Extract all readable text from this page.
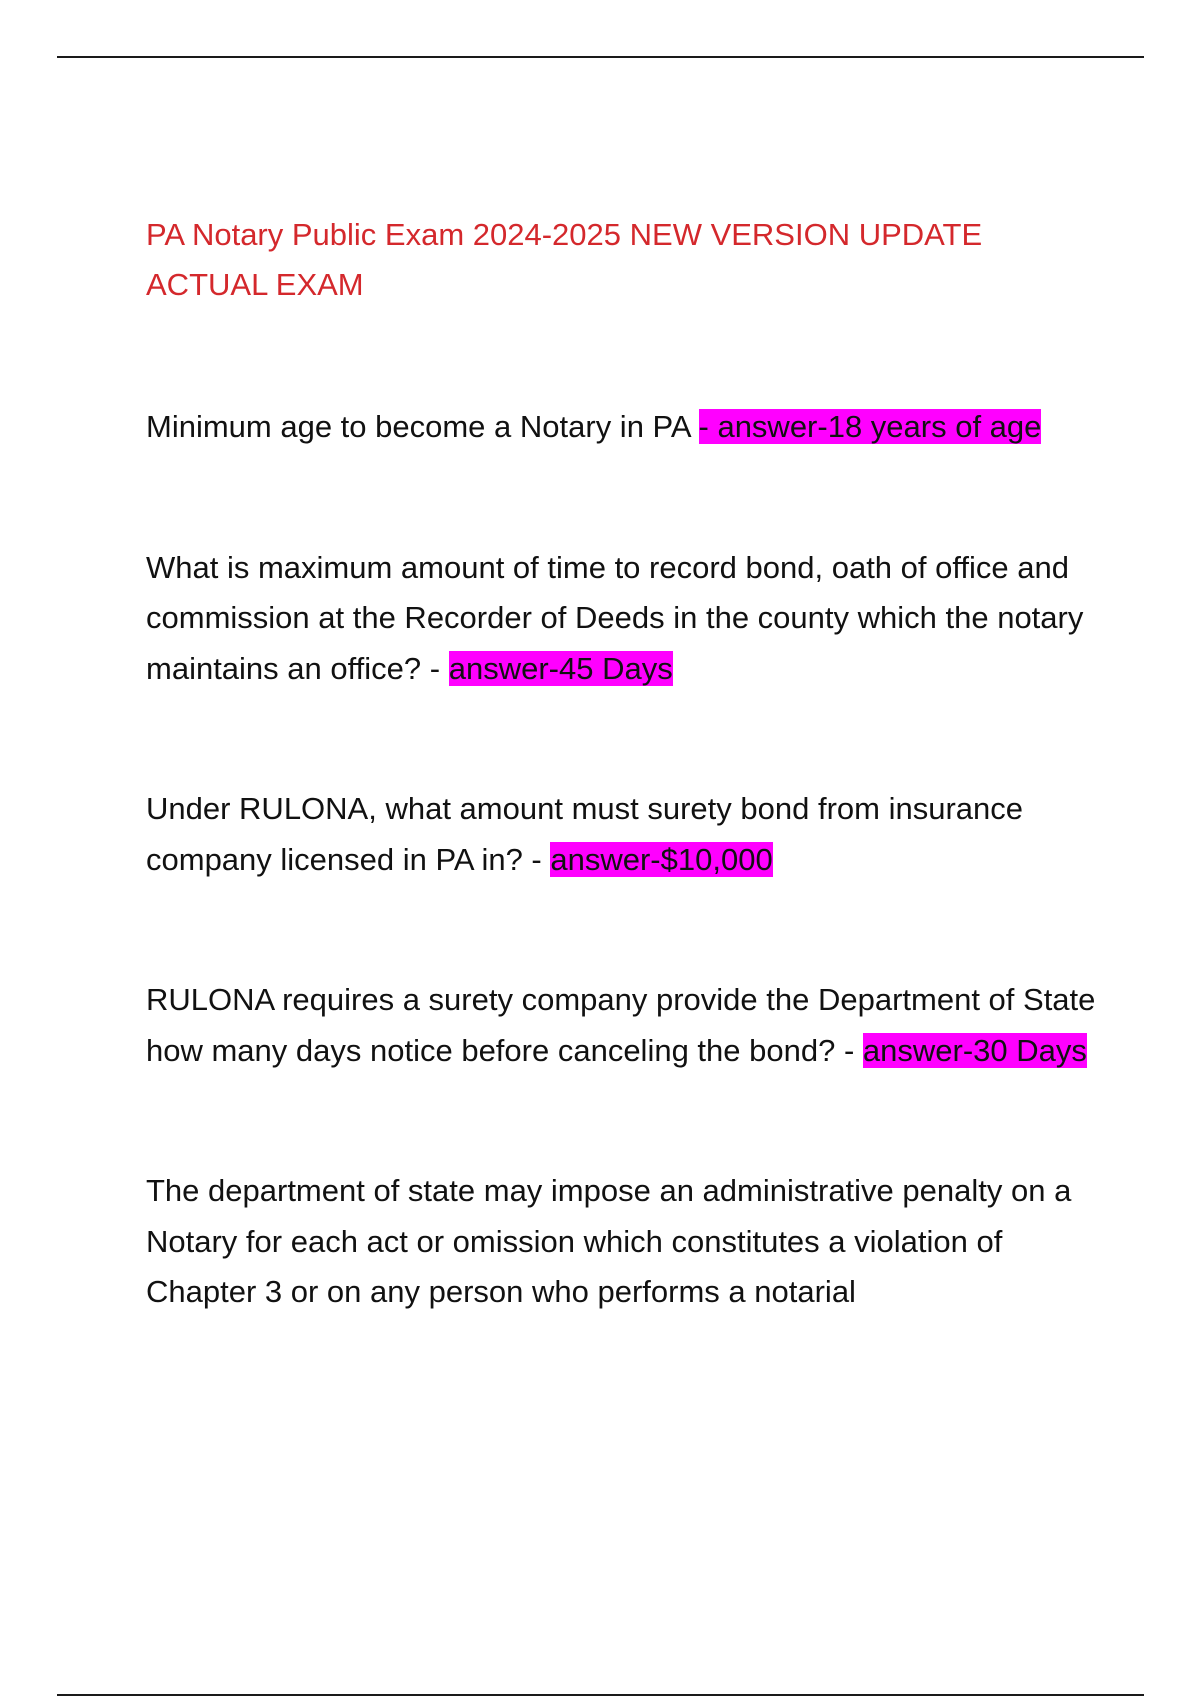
PA Notary Public Exam 2024-2025 NEW VERSION UPDATE ACTUAL EXAM

Minimum age to become a Notary in PA - answer-18 years of age

What is maximum amount of time to record bond, oath of office and commission at the Recorder of Deeds in the county which the notary maintains an office? - answer-45 Days

Under RULONA, what amount must surety bond from insurance company licensed in PA in? - answer-$10,000

RULONA requires a surety company provide the Department of State how many days notice before canceling the bond? - answer-30 Days

The department of state may impose an administrative penalty on a Notary for each act or omission which constitutes a violation of Chapter 3 or on any person who performs a notarial
